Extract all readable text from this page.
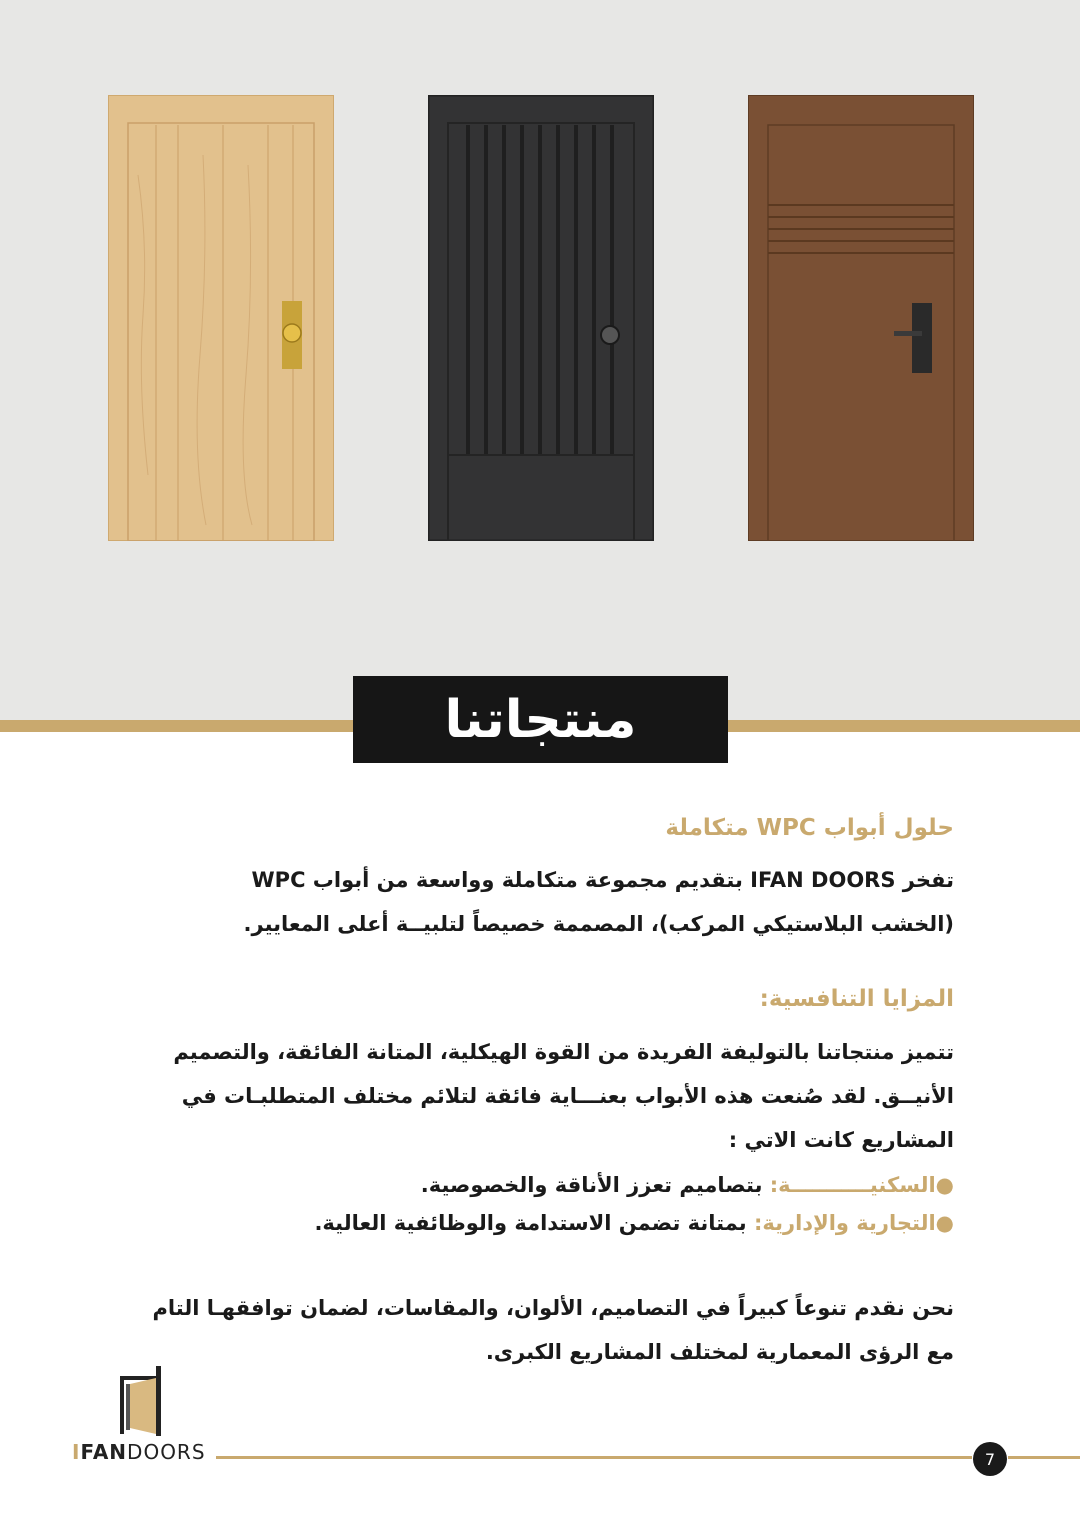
منتجاتنا
حلول أبواب WPC متكاملة
تفخر IFAN DOORS بتقديم مجموعة متكاملة وواسعة من أبواب WPC
(الخشب البلاستيكي المركب)، المصممة خصيصاً لتلبيــة أعلى المعايير.
المزايا التنافسية:
تتميز منتجاتنا بالتوليفة الفريدة من القوة الهيكلية، المتانة الفائقة، والتصميم
الأنيــق. لقد صُنعت هذه الأبواب بعنـــاية فائقة لتلائم مختلف المتطلبـات في
المشاريع كانت الاتي :
●السكنيـــــــــــة: بتصاميم تعزز الأناقة والخصوصية.
●التجارية والإدارية: بمتانة تضمن الاستدامة والوظائفية العالية.
نحن نقدم تنوعاً كبيراً في التصاميم، الألوان، والمقاسات، لضمان توافقهـا التام
مع الرؤى المعمارية لمختلف المشاريع الكبرى.
IFANDOORS	7
